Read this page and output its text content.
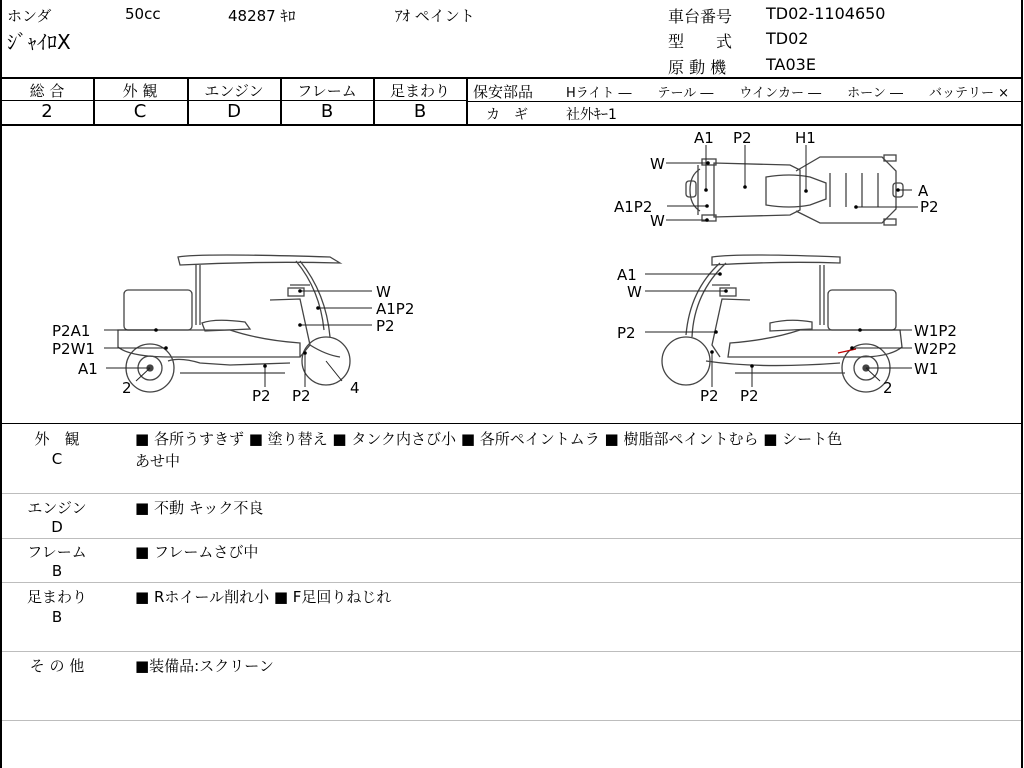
ホンダ	50cc	48287 ｷﾛ	ｱｵ ペイント
ｼﾞｬｲﾛX
車台番号 TD02-1104650
型　　式 TD02
原 動 機 TA03E
総 合
2
外 観
C
エンジン
D
フレーム
B
足まわり
B
保安部品	Hライト ―　　テール ―　　ウインカー ―　　ホーン ―　　バッテリー ×
カ　ギ	社外ｷｰ1
W
A1P2
P2
P2A1
P2W1
A1
2	P2 P2	4
A1
W
P2	W1P2
W2P2
W1
2
P2 P2
A1 P2	H1
W
A1P2
W
A
P2
外　観
C
■ 各所うすきず ■ 塗り替え ■ タンク内さび小 ■ 各所ペイントムラ ■ 樹脂部ペイントむら ■ シート色
あせ中
エンジン
D
■ 不動 キック不良
フレーム
B
■ フレームさび中
足まわり
B
■ Rホイール削れ小 ■ F足回りねじれ
そ の 他	■装備品:スクリーン
